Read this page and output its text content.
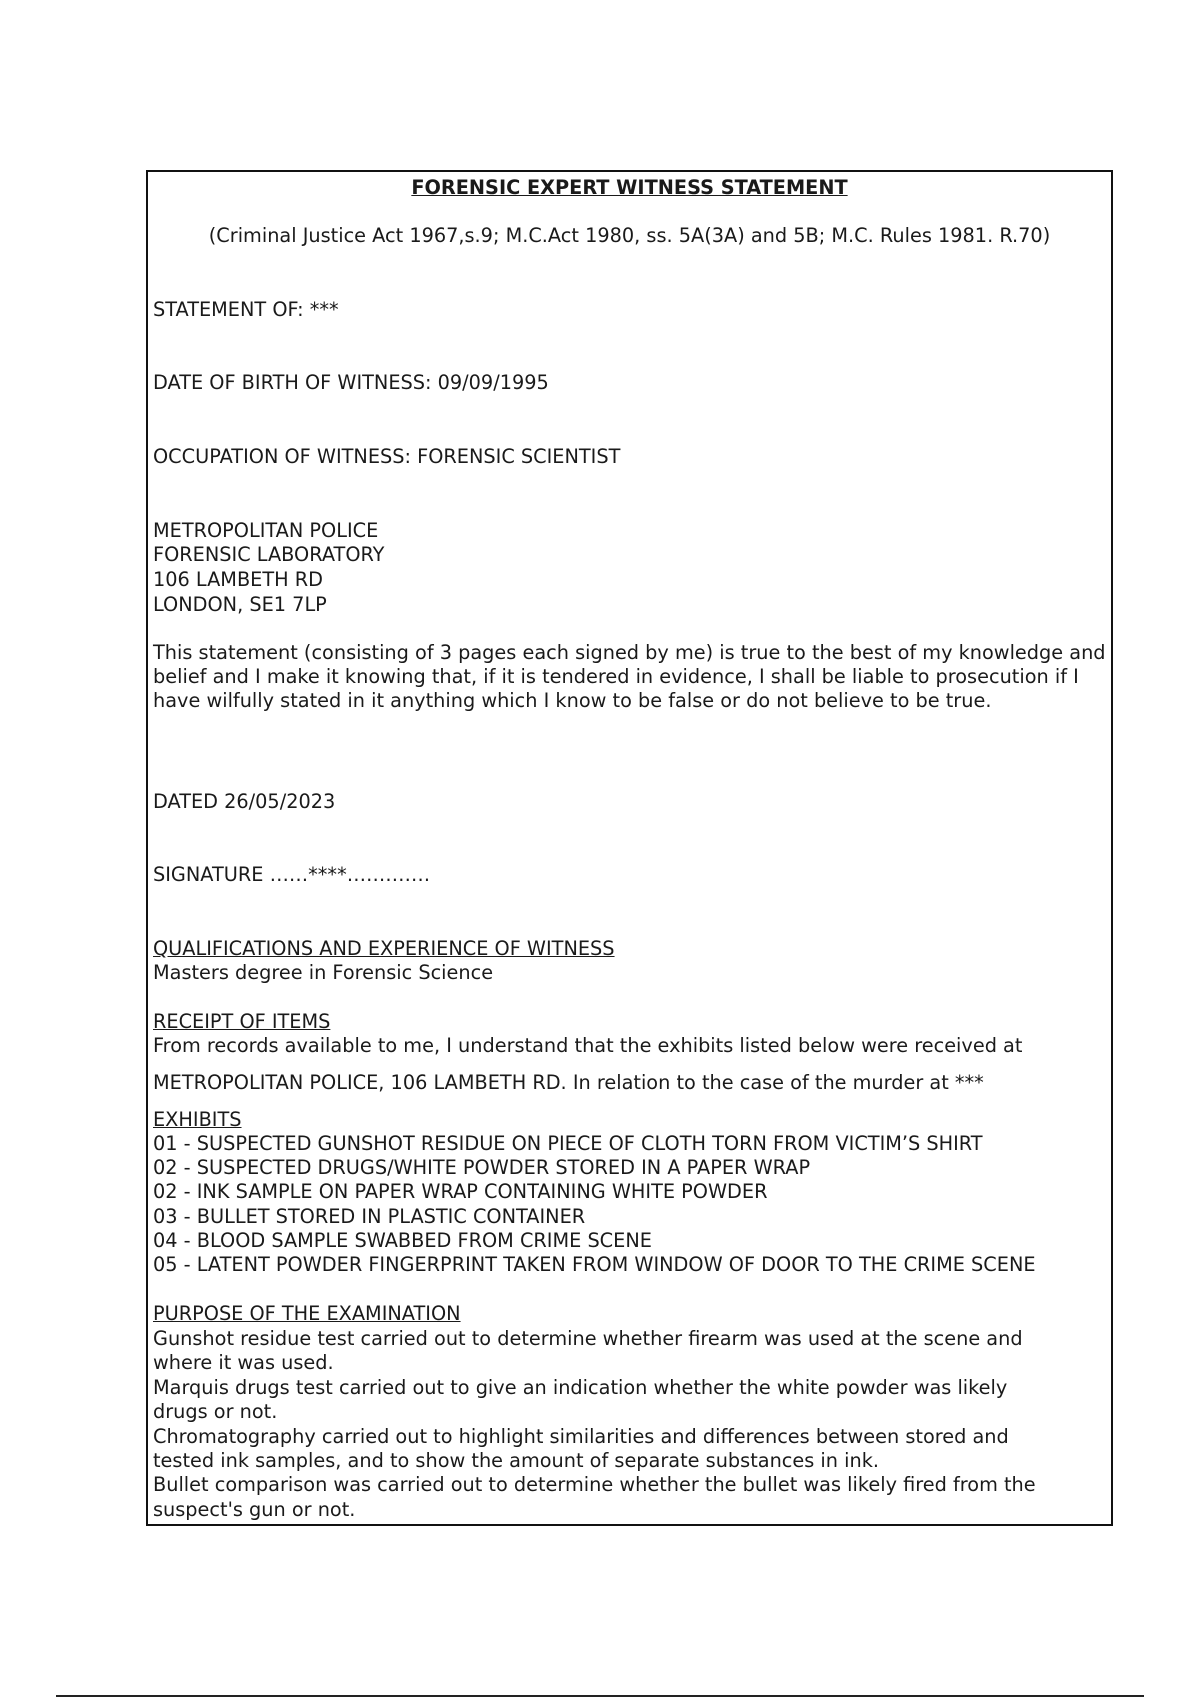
FORENSIC EXPERT WITNESS STATEMENT
(Criminal Justice Act 1967,s.9; M.C.Act 1980, ss. 5A(3A) and 5B; M.C. Rules 1981. R.70)
STATEMENT OF: ***
DATE OF BIRTH OF WITNESS: 09/09/1995
OCCUPATION OF WITNESS: FORENSIC SCIENTIST
METROPOLITAN POLICE
FORENSIC LABORATORY
106 LAMBETH RD
LONDON, SE1 7LP
This statement (consisting of 3 pages each signed by me) is true to the best of my knowledge and belief and I make it knowing that, if it is tendered in evidence, I shall be liable to prosecution if I have wilfully stated in it anything which I know to be false or do not believe to be true.
DATED 26/05/2023
SIGNATURE ……****………….
QUALIFICATIONS AND EXPERIENCE OF WITNESS
Masters degree in Forensic Science
RECEIPT OF ITEMS
From records available to me, I understand that the exhibits listed below were received at
METROPOLITAN POLICE, 106 LAMBETH RD. In relation to the case of the murder at ***
EXHIBITS
01 - SUSPECTED GUNSHOT RESIDUE ON PIECE OF CLOTH TORN FROM VICTIM’S SHIRT
02 - SUSPECTED DRUGS/WHITE POWDER STORED IN A PAPER WRAP
02 - INK SAMPLE ON PAPER WRAP CONTAINING WHITE POWDER
03 - BULLET STORED IN PLASTIC CONTAINER
04 - BLOOD SAMPLE SWABBED FROM CRIME SCENE
05 - LATENT POWDER FINGERPRINT TAKEN FROM WINDOW OF DOOR TO THE CRIME SCENE
PURPOSE OF THE EXAMINATION
Gunshot residue test carried out to determine whether firearm was used at the scene and
where it was used.
Marquis drugs test carried out to give an indication whether the white powder was likely
drugs or not.
Chromatography carried out to highlight similarities and differences between stored and
tested ink samples, and to show the amount of separate substances in ink.
Bullet comparison was carried out to determine whether the bullet was likely fired from the
suspect's gun or not.
